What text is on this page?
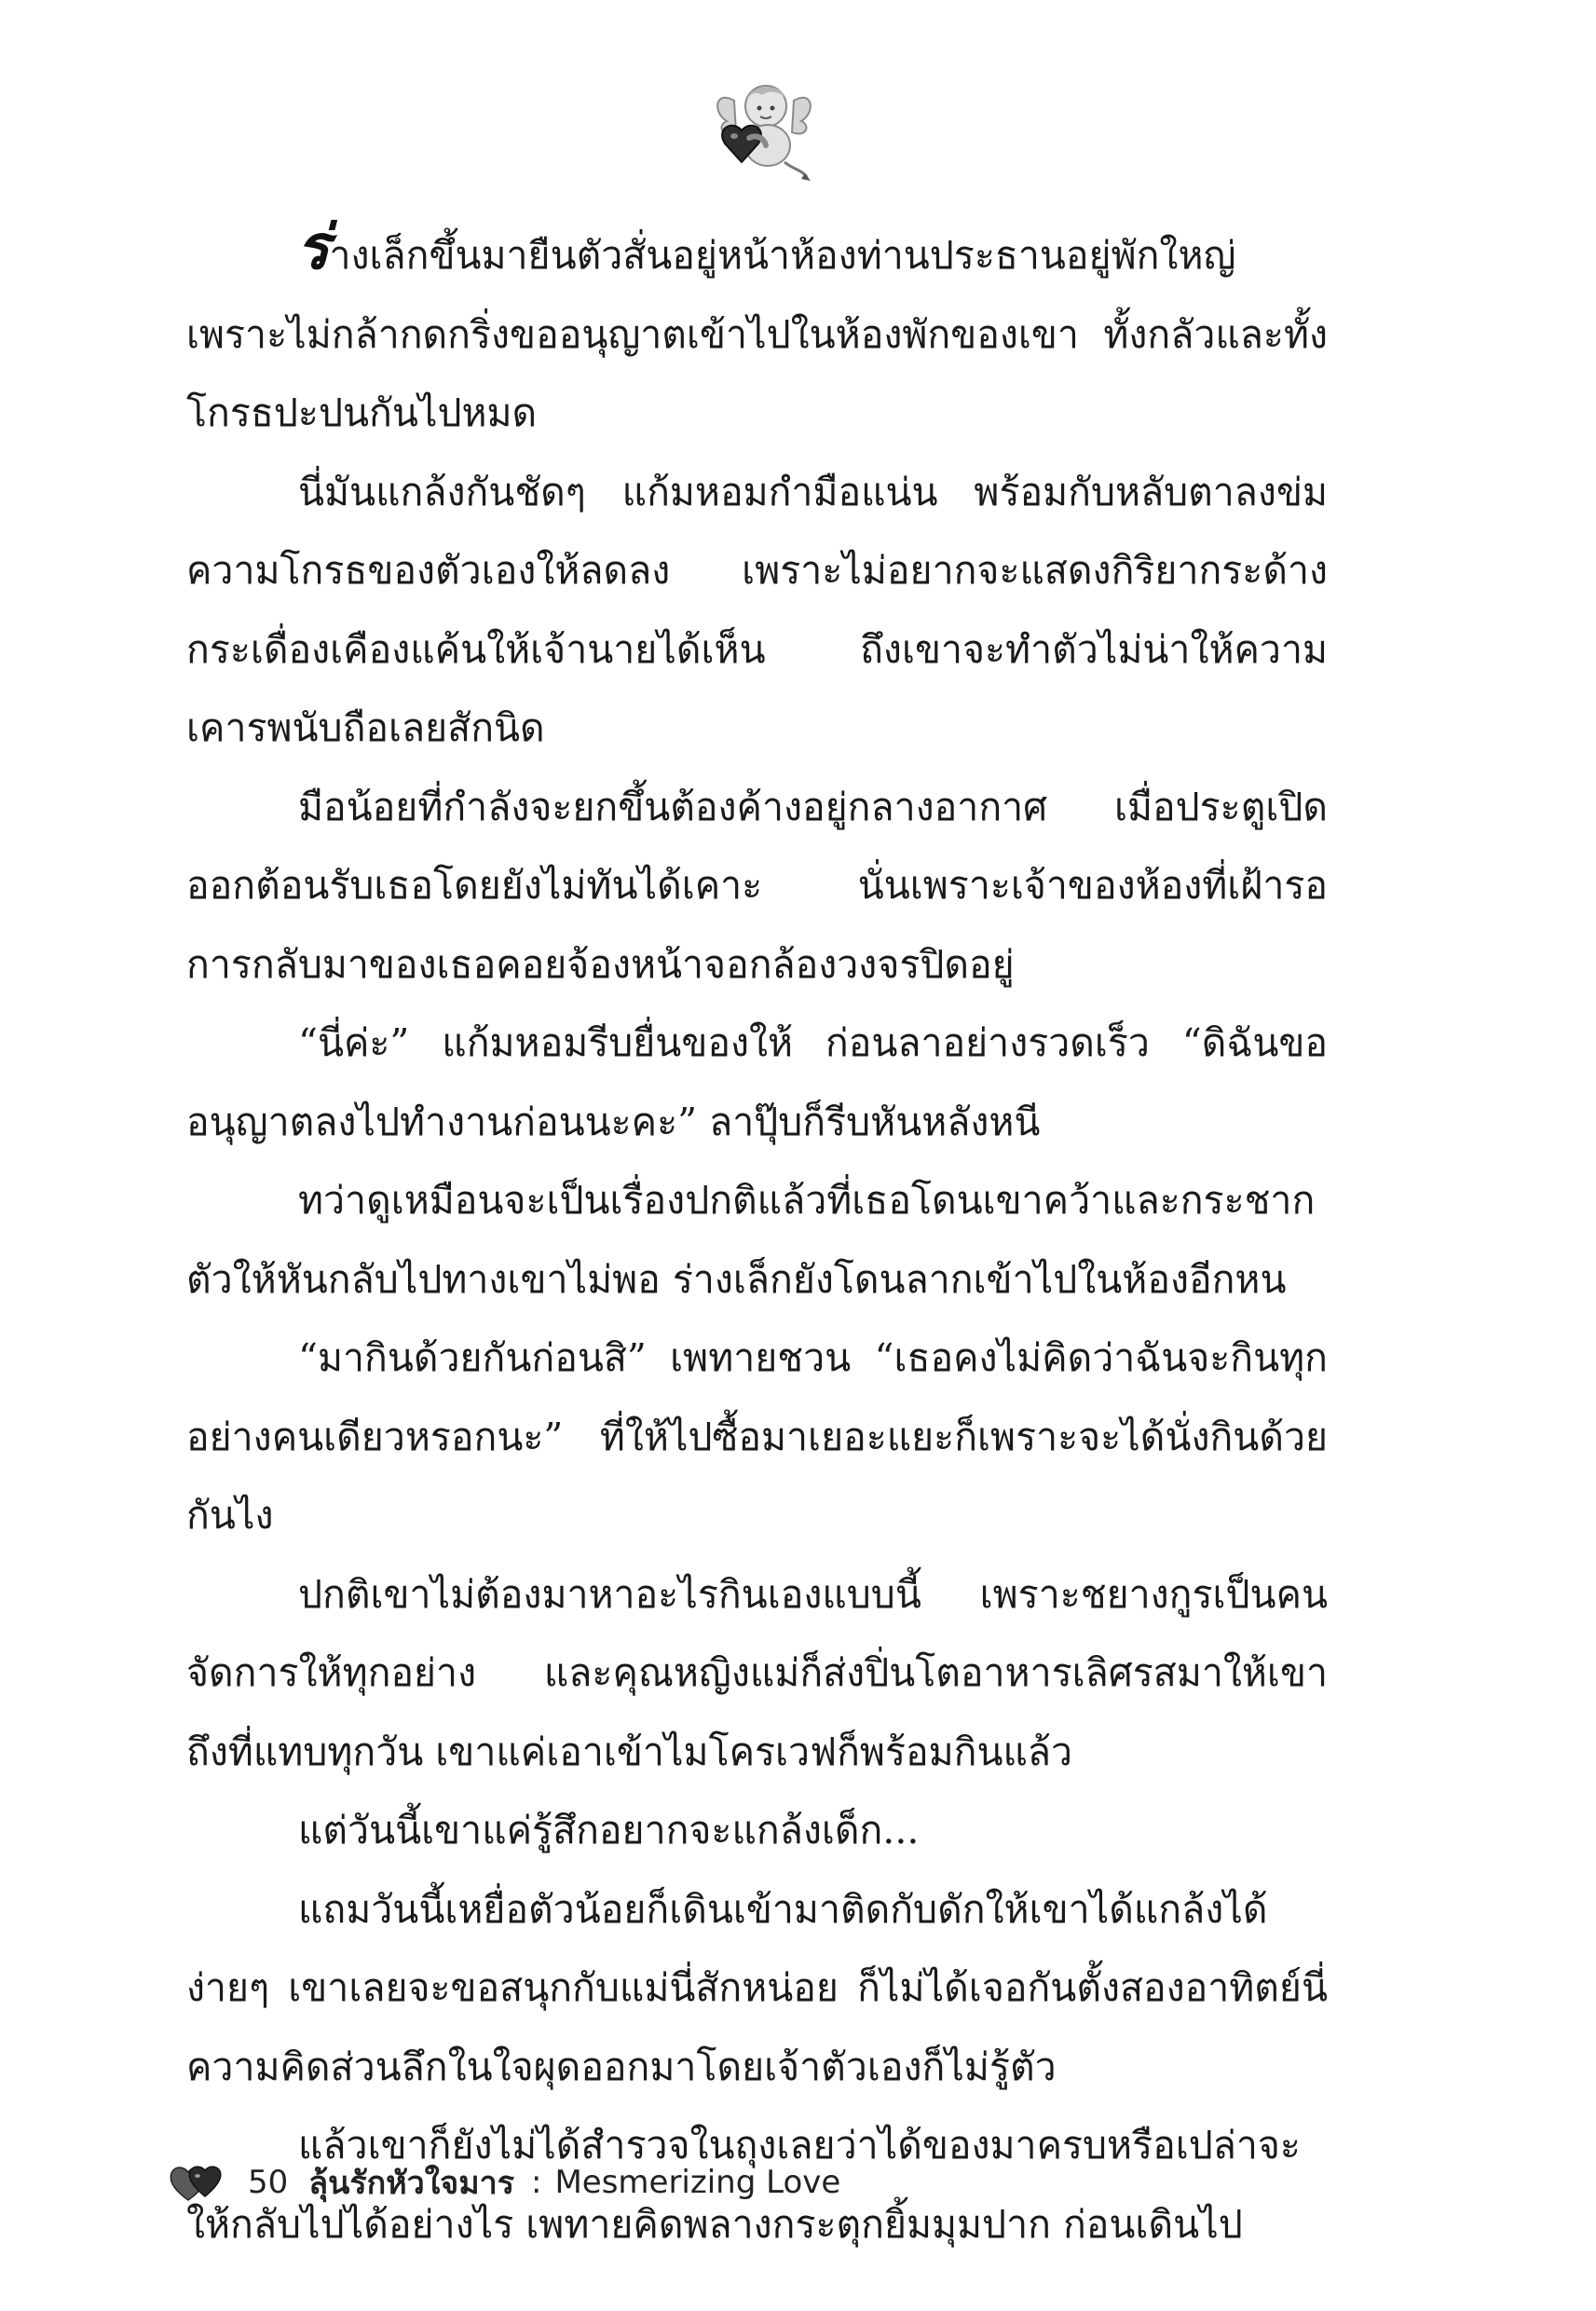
ร่างเล็กขึ้นมายืนตัวสั่นอยู่หน้าห้องท่านประธานอยู่พักใหญ่เพราะไม่กล้ากดกริ่งขออนุญาตเข้าไปในห้องพักของเขา ทั้งกลัวและทั้งโกรธปะปนกันไปหมด

นี่มันแกล้งกันชัดๆ แก้มหอมกำมือแน่น พร้อมกับหลับตาลงข่มความโกรธของตัวเองให้ลดลง เพราะไม่อยากจะแสดงกิริยากระด้างกระเดื่องเคืองแค้นให้เจ้านายได้เห็น ถึงเขาจะทำตัวไม่น่าให้ความเคารพนับถือเลยสักนิด

มือน้อยที่กำลังจะยกขึ้นต้องค้างอยู่กลางอากาศ เมื่อประตูเปิดออกต้อนรับเธอโดยยังไม่ทันได้เคาะ นั่นเพราะเจ้าของห้องที่เฝ้ารอการกลับมาของเธอคอยจ้องหน้าจอกล้องวงจรปิดอยู่

“นี่ค่ะ” แก้มหอมรีบยื่นของให้ ก่อนลาอย่างรวดเร็ว “ดิฉันขออนุญาตลงไปทำงานก่อนนะคะ” ลาปุ๊บก็รีบหันหลังหนี

ทว่าดูเหมือนจะเป็นเรื่องปกติแล้วที่เธอโดนเขาคว้าและกระชากตัวให้หันกลับไปทางเขาไม่พอ ร่างเล็กยังโดนลากเข้าไปในห้องอีกหน

“มากินด้วยกันก่อนสิ” เพทายชวน “เธอคงไม่คิดว่าฉันจะกินทุกอย่างคนเดียวหรอกนะ” ที่ให้ไปซื้อมาเยอะแยะก็เพราะจะได้นั่งกินด้วยกันไง

ปกติเขาไม่ต้องมาหาอะไรกินเองแบบนี้ เพราะชยางกูรเป็นคนจัดการให้ทุกอย่าง และคุณหญิงแม่ก็ส่งปิ่นโตอาหารเลิศรสมาให้เขาถึงที่แทบทุกวัน เขาแค่เอาเข้าไมโครเวฟก็พร้อมกินแล้ว

แต่วันนี้เขาแค่รู้สึกอยากจะแกล้งเด็ก...

แถมวันนี้เหยื่อตัวน้อยก็เดินเข้ามาติดกับดักให้เขาได้แกล้งได้ง่ายๆ เขาเลยจะขอสนุกกับแม่นี่สักหน่อย ก็ไม่ได้เจอกันตั้งสองอาทิตย์นี่ความคิดส่วนลึกในใจผุดออกมาโดยเจ้าตัวเองก็ไม่รู้ตัว

แล้วเขาก็ยังไม่ได้สำรวจในถุงเลยว่าได้ของมาครบหรือเปล่าจะให้กลับไปได้อย่างไร เพทายคิดพลางกระตุกยิ้มมุมปาก ก่อนเดินไป

50 ลุ้นรักหัวใจมาร : Mesmerizing Love
